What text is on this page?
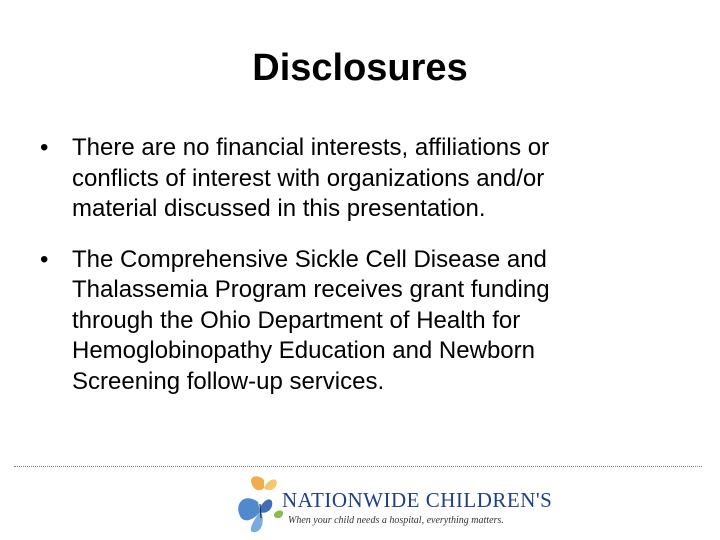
Disclosures
• There are no financial interests, affiliations or
conflicts of interest with organizations and/or
material discussed in this presentation.
• The Comprehensive Sickle Cell Disease and
Thalassemia Program receives grant funding
through the Ohio Department of Health for
Hemoglobinopathy Education and Newborn
Screening follow-up services.
NATIONWIDE CHILDREN'S
When your child needs a hospital, everything matters.
